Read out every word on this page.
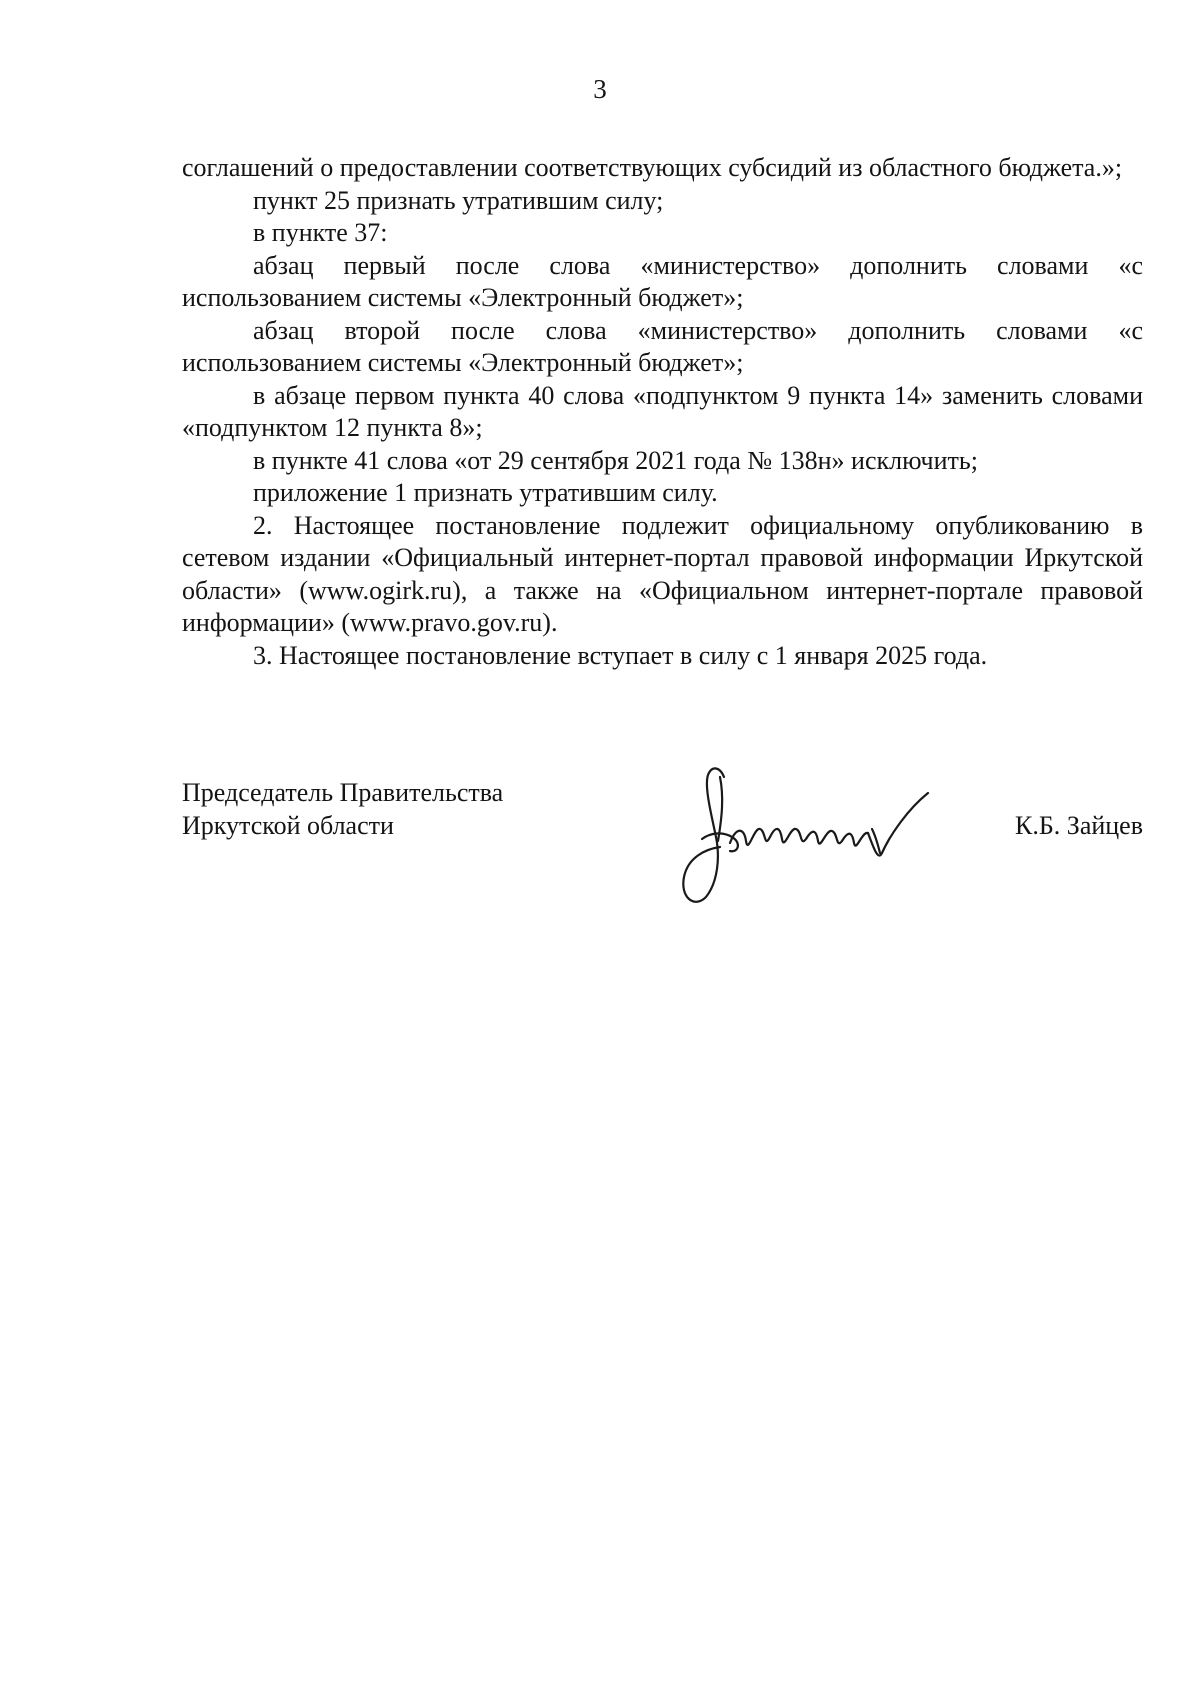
3

соглашений о предоставлении соответствующих субсидий из областного бюджета.»;

пункт 25 признать утратившим силу;

в пункте 37:

абзац первый после слова «министерство» дополнить словами «с использованием системы «Электронный бюджет»;

абзац второй после слова «министерство» дополнить словами «с использованием системы «Электронный бюджет»;

в абзаце первом пункта 40 слова «подпунктом 9 пункта 14» заменить словами «подпунктом 12 пункта 8»;

в пункте 41 слова «от 29 сентября 2021 года № 138н» исключить;

приложение 1 признать утратившим силу.

2. Настоящее постановление подлежит официальному опубликованию в сетевом издании «Официальный интернет-портал правовой информации Иркутской области» (www.ogirk.ru), а также на «Официальном интернет-портале правовой информации» (www.pravo.gov.ru).

3. Настоящее постановление вступает в силу с 1 января 2025 года.

Председатель Правительства
Иркутской области	К.Б. Зайцев
